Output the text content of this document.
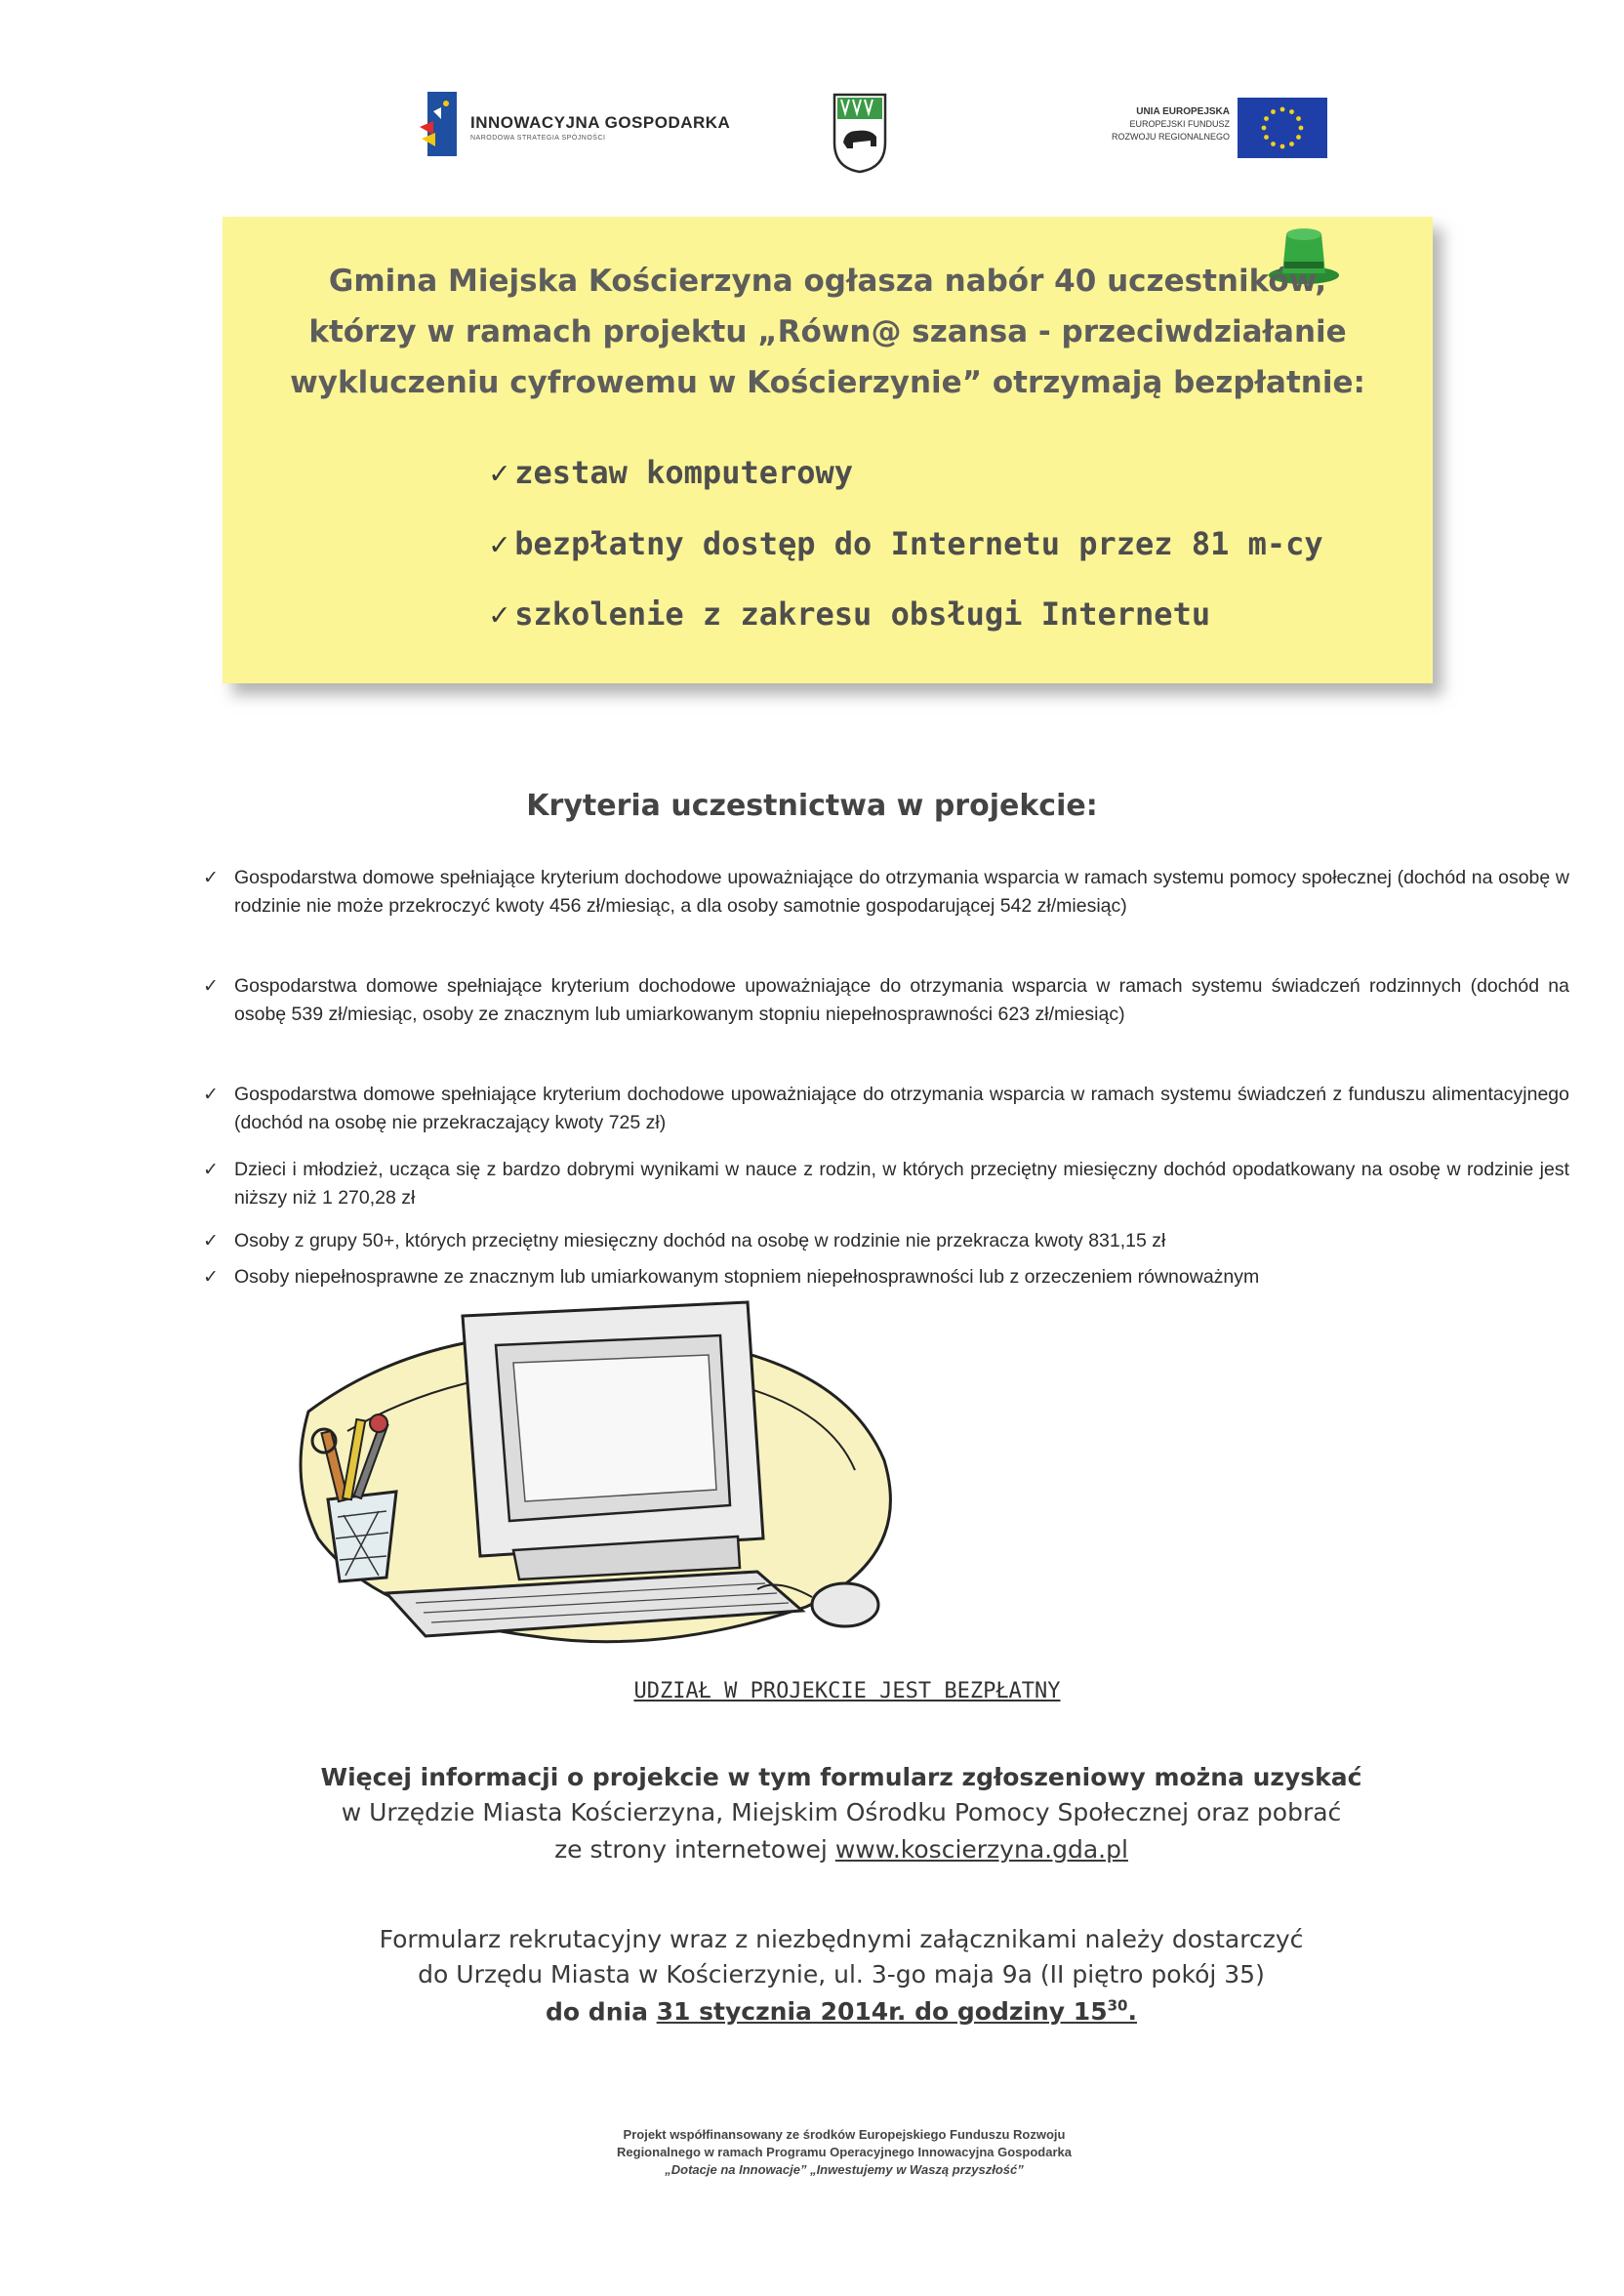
INNOWACYJNA GOSPODARKA
NARODOWA STRATEGIA SPÓJNOŚCI
UNIA EUROPEJSKA
EUROPEJSKI FUNDUSZ
ROZWOJU REGIONALNEGO
Gmina Miejska Kościerzyna ogłasza nabór 40 uczestników,
którzy w ramach projektu „Równ@ szansa - przeciwdziałanie
wykluczeniu cyfrowemu w Kościerzynie” otrzymają bezpłatnie:
✓ zestaw komputerowy
✓ bezpłatny dostęp do Internetu przez 81 m-cy
✓ szkolenie z zakresu obsługi Internetu
Kryteria uczestnictwa w projekcie:
✓ Gospodarstwa domowe spełniające kryterium dochodowe upoważniające do otrzymania wsparcia w ramach systemu pomocy społecznej (dochód na osobę w rodzinie nie może przekroczyć kwoty 456 zł/miesiąc, a dla osoby samotnie gospodarującej 542 zł/miesiąc)
✓ Gospodarstwa domowe spełniające kryterium dochodowe upoważniające do otrzymania wsparcia w ramach systemu świadczeń rodzinnych (dochód na osobę 539 zł/miesiąc, osoby ze znacznym lub umiarkowanym stopniu niepełnosprawności 623 zł/miesiąc)
✓ Gospodarstwa domowe spełniające kryterium dochodowe upoważniające do otrzymania wsparcia w ramach systemu świadczeń z funduszu alimentacyjnego (dochód na osobę nie przekraczający kwoty 725 zł)
✓ Dzieci i młodzież, ucząca się z bardzo dobrymi wynikami w nauce z rodzin, w których przeciętny miesięczny dochód opodatkowany na osobę w rodzinie jest niższy niż 1 270,28 zł
✓ Osoby z grupy 50+, których przeciętny miesięczny dochód na osobę w rodzinie nie przekracza kwoty 831,15 zł
✓ Osoby niepełnosprawne ze znacznym lub umiarkowanym stopniem niepełnosprawności lub z orzeczeniem równoważnym
UDZIAŁ W PROJEKCIE JEST BEZPŁATNY
Więcej informacji o projekcie w tym formularz zgłoszeniowy można uzyskać
w Urzędzie Miasta Kościerzyna, Miejskim Ośrodku Pomocy Społecznej oraz pobrać
ze strony internetowej www.koscierzyna.gda.pl
Formularz rekrutacyjny wraz z niezbędnymi załącznikami należy dostarczyć
do Urzędu Miasta w Kościerzynie, ul. 3-go maja 9a (II piętro pokój 35)
do dnia 31 stycznia 2014r. do godziny $15^{30}$.
Projekt współfinansowany ze środków Europejskiego Funduszu Rozwoju
Regionalnego w ramach Programu Operacyjnego Innowacyjna Gospodarka
„Dotacje na Innowacje” „Inwestujemy w Waszą przyszłość”
